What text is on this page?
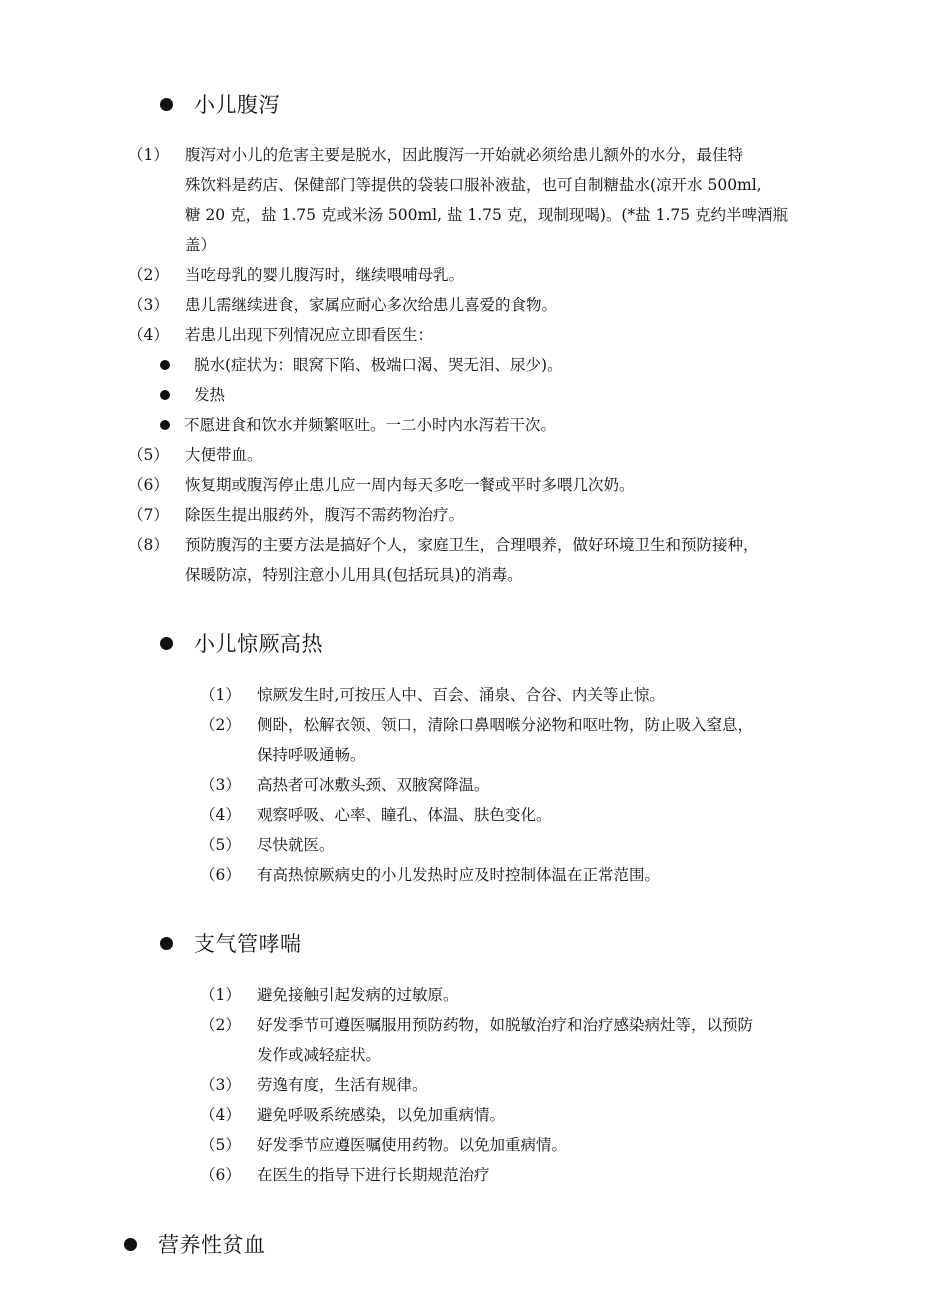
小儿腹泻
（1） 腹泻对小儿的危害主要是脱水，因此腹泻一开始就必须给患儿额外的水分，最佳特
殊饮料是药店、保健部门等提供的袋装口服补液盐，也可自制糖盐水(凉开水 500ml,
糖 20 克，盐 1.75 克或米汤 500ml, 盐 1.75 克，现制现喝)。(*盐 1.75 克约半啤酒瓶
盖）
（2） 当吃母乳的婴儿腹泻时，继续喂哺母乳。
（3） 患儿需继续进食，家属应耐心多次给患儿喜爱的食物。
（4） 若患儿出现下列情况应立即看医生：
脱水(症状为：眼窝下陷、极端口渴、哭无泪、尿少)。
发热
不愿进食和饮水并频繁呕吐。一二小时内水泻若干次。
（5） 大便带血。
（6） 恢复期或腹泻停止患儿应一周内每天多吃一餐或平时多喂几次奶。
（7） 除医生提出服药外，腹泻不需药物治疗。
（8） 预防腹泻的主要方法是搞好个人，家庭卫生，合理喂养，做好环境卫生和预防接种，
保暖防凉，特别注意小儿用具(包括玩具)的消毒。
小儿惊厥高热
（1） 惊厥发生时,可按压人中、百会、涌泉、合谷、内关等止惊。
（2） 侧卧，松解衣领、领口，清除口鼻咽喉分泌物和呕吐物，防止吸入窒息，
保持呼吸通畅。
（3） 高热者可冰敷头颈、双腋窝降温。
（4） 观察呼吸、心率、瞳孔、体温、肤色变化。
（5） 尽快就医。
（6） 有高热惊厥病史的小儿发热时应及时控制体温在正常范围。
支气管哮喘
（1） 避免接触引起发病的过敏原。
（2） 好发季节可遵医嘱服用预防药物，如脱敏治疗和治疗感染病灶等，以预防
发作或减轻症状。
（3） 劳逸有度，生活有规律。
（4） 避免呼吸系统感染，以免加重病情。
（5） 好发季节应遵医嘱使用药物。以免加重病情。
（6） 在医生的指导下进行长期规范治疗
营养性贫血
